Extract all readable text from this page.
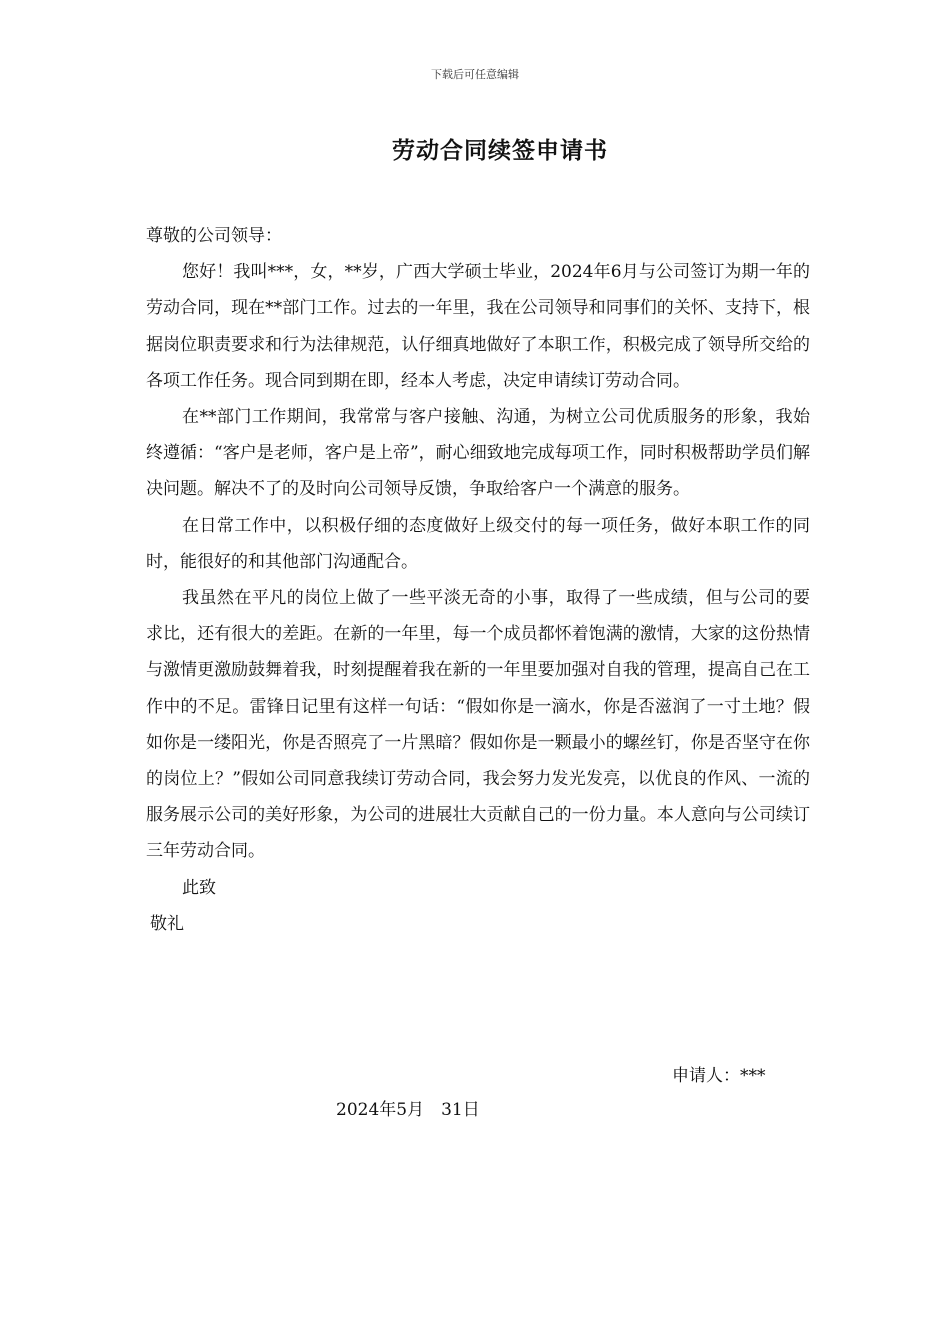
下载后可任意编辑
劳动合同续签申请书

尊敬的公司领导：

您好！我叫***，女，**岁，广西大学硕士毕业，2024年6月与公司签订为期一年的劳动合同，现在**部门工作。过去的一年里，我在公司领导和同事们的关怀、支持下，根据岗位职责要求和行为法律规范，认仔细真地做好了本职工作，积极完成了领导所交给的各项工作任务。现合同到期在即，经本人考虑，决定申请续订劳动合同。

在**部门工作期间，我常常与客户接触、沟通，为树立公司优质服务的形象，我始终遵循：“客户是老师，客户是上帝”，耐心细致地完成每项工作，同时积极帮助学员们解决问题。解决不了的及时向公司领导反馈，争取给客户一个满意的服务。

在日常工作中，以积极仔细的态度做好上级交付的每一项任务，做好本职工作的同时，能很好的和其他部门沟通配合。

我虽然在平凡的岗位上做了一些平淡无奇的小事，取得了一些成绩，但与公司的要求比，还有很大的差距。在新的一年里，每一个成员都怀着饱满的激情，大家的这份热情与激情更激励鼓舞着我，时刻提醒着我在新的一年里要加强对自我的管理，提高自己在工作中的不足。雷锋日记里有这样一句话：“假如你是一滴水，你是否滋润了一寸土地？假如你是一缕阳光，你是否照亮了一片黑暗？假如你是一颗最小的螺丝钉，你是否坚守在你的岗位上？”假如公司同意我续订劳动合同，我会努力发光发亮，以优良的作风、一流的服务展示公司的美好形象，为公司的进展壮大贡献自己的一份力量。本人意向与公司续订三年劳动合同。

此致

敬礼

申请人：***
2024年5月　31日
